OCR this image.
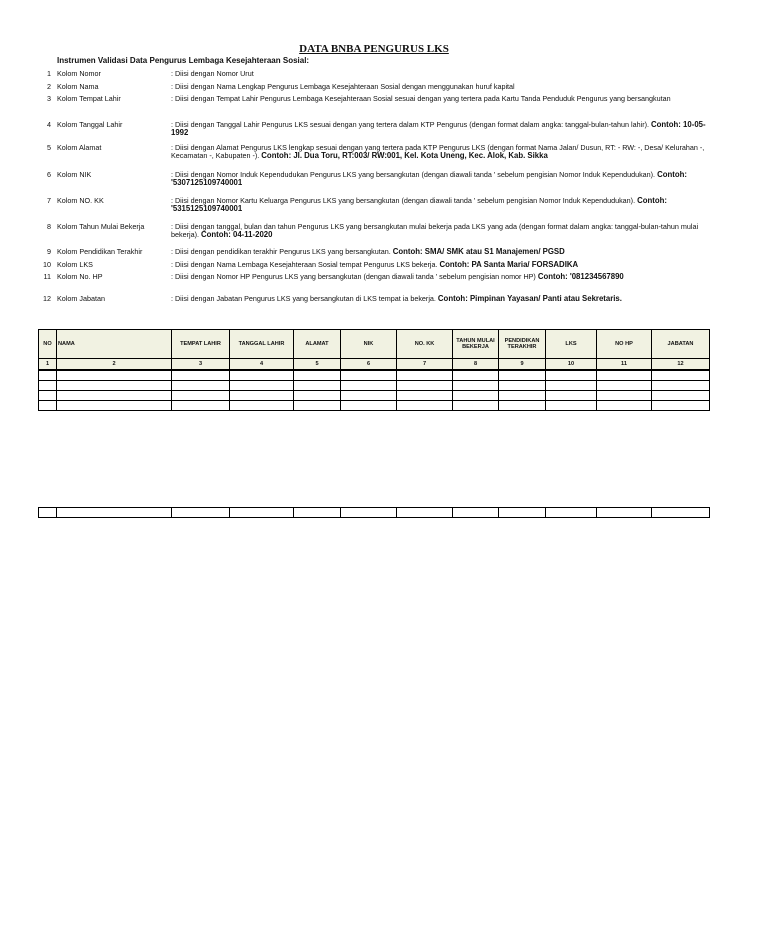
DATA BNBA PENGURUS LKS
Instrumen Validasi Data Pengurus Lembaga Kesejahteraan Sosial:
1 Kolom Nomor	: Diisi dengan Nomor Urut
2 Kolom Nama	: Diisi dengan Nama Lengkap Pengurus Lembaga Kesejahteraan Sosial dengan menggunakan huruf kapital
3 Kolom Tempat Lahir	: Diisi dengan Tempat Lahir Pengurus Lembaga Kesejahteraan Sosial sesuai dengan yang tertera pada Kartu Tanda Penduduk Pengurus yang bersangkutan
4 Kolom Tanggal Lahir	: Diisi dengan Tanggal Lahir Pengurus LKS sesuai dengan yang tertera dalam KTP Pengurus (dengan format dalam angka: tanggal-bulan-tahun lahir). Contoh: 10-05-1992
5 Kolom Alamat	: Diisi dengan Alamat Pengurus LKS lengkap sesuai dengan yang tertera pada KTP Pengurus LKS (dengan format Nama Jalan/ Dusun, RT: - RW: -, Desa/ Kelurahan -, Kecamatan -, Kabupaten -). Contoh: Jl. Dua Toru, RT:003/ RW:001, Kel. Kota Uneng, Kec. Alok, Kab. Sikka
6 Kolom NIK	: Diisi dengan Nomor Induk Kependudukan Pengurus LKS yang bersangkutan (dengan diawali tanda ' sebelum pengisian Nomor Induk Kependudukan). Contoh: '5307125109740001
7 Kolom NO. KK	: Diisi dengan Nomor Kartu Keluarga Pengurus LKS yang bersangkutan (dengan diawali tanda ' sebelum pengisian Nomor Induk Kependudukan). Contoh: '5315125109740001
8 Kolom Tahun Mulai Bekerja	: Diisi dengan tanggal, bulan dan tahun Pengurus LKS yang bersangkutan mulai bekerja pada LKS yang ada (dengan format dalam angka: tanggal-bulan-tahun mulai bekerja). Contoh: 04-11-2020
9 Kolom Pendidikan Terakhir	: Diisi dengan pendidikan terakhir Pengurus LKS yang bersangkutan. Contoh: SMA/ SMK atau S1 Manajemen/ PGSD
10 Kolom LKS	: Diisi dengan Nama Lembaga Kesejahteraan Sosial tempat Pengurus LKS bekerja. Contoh: PA Santa Maria/ FORSADIKA
11 Kolom No. HP	: Diisi dengan Nomor HP Pengurus LKS yang bersangkutan (dengan diawali tanda ' sebelum pengisian nomor HP) Contoh: '081234567890
12 Kolom Jabatan	: Diisi dengan Jabatan Pengurus LKS yang bersangkutan di LKS tempat ia bekerja. Contoh: Pimpinan Yayasan/ Panti atau Sekretaris.
NO	NAMA	TEMPAT LAHIR	TANGGAL LAHIR	ALAMAT	NIK	NO. KK	TAHUN MULAI BEKERJA	PENDIDIKAN TERAKHIR	LKS	NO HP	JABATAN
1	2	3	4	5	6	7	8	9	10	11	12
